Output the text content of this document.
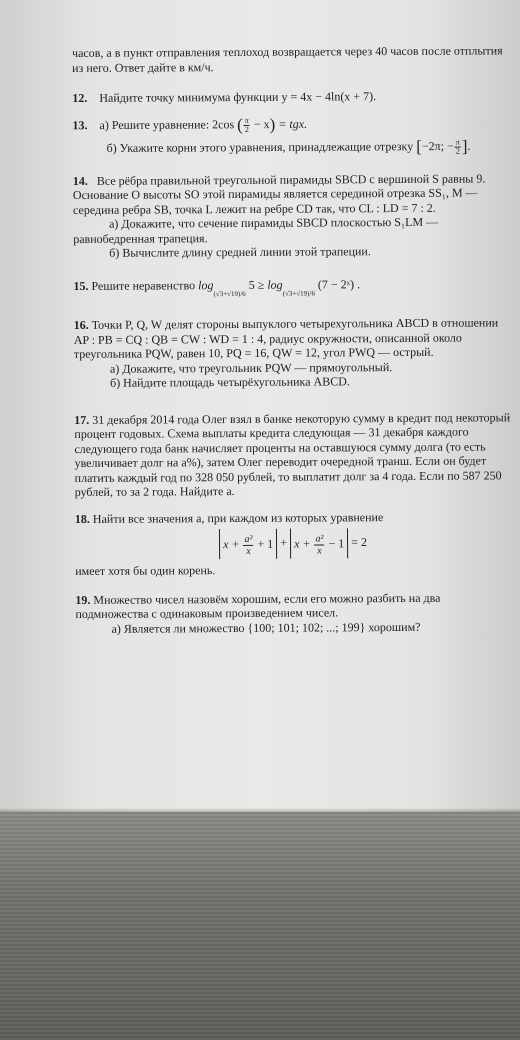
часов, а в пункт отправления теплоход возвращается через 40 часов после отплытия из него. Ответ дайте в км/ч.

12. Найдите точку минимума функции y = 4x − 4ln(x + 7).

13. а) Решите уравнение: 2cos ( $\frac{\pi}{2} - x$) = tgx.

б) Укажите корни этого уравнения, принадлежащие отрезку [−2π; − $\frac{\pi}{2}$ ].

14. Все рёбра правильной треугольной пирамиды SBCD с вершиной S равны 9. Основание O высоты SO этой пирамиды является серединой отрезка SS₁, M — середина ребра SB, точка L лежит на ребре CD так, что CL : LD = 7 : 2.

а) Докажите, что сечение пирамиды SBCD плоскостью S₁LM — равнобедренная трапеция.

б) Вычислите длину средней линии этой трапеции.

15. Решите неравенство $\log_{(√3+√19)/6} 5 \ge \log_{(√3+√19)/6} (7$ − 2ˣ) .

16. Точки P, Q, W делят стороны выпуклого четырехугольника ABCD в отношении AP : PB = CQ : QB = CW : WD = 1 : 4, радиус окружности, описанной около треугольника PQW, равен 10, PQ = 16, QW = 12, угол PWQ — острый.

а) Докажите, что треугольник PQW — прямоугольный.

б) Найдите площадь четырёхугольника ABCD.

17. 31 декабря 2014 года Олег взял в банке некоторую сумму в кредит под некоторый процент годовых. Схема выплаты кредита следующая — 31 декабря каждого следующего года банк начисляет проценты на оставшуюся сумму долга (то есть увеличивает долг на a%), затем Олег переводит очередной транш. Если он будет платить каждый год по 328 050 рублей, то выплатит долг за 4 года. Если по 587 250 рублей, то за 2 года. Найдите a.

18. Найти все значения a, при каждом из которых уравнение

$x + \frac{\text{a²}}{x} + 1 + x + \frac{\text{a²}}{x} - 1 = 2$

имеет хотя бы один корень.

19. Множество чисел назовём хорошим, если его можно разбить на два подмножества с одинаковым произведением чисел.

а) Является ли множество {100; 101; 102; ...; 199} хорошим?
